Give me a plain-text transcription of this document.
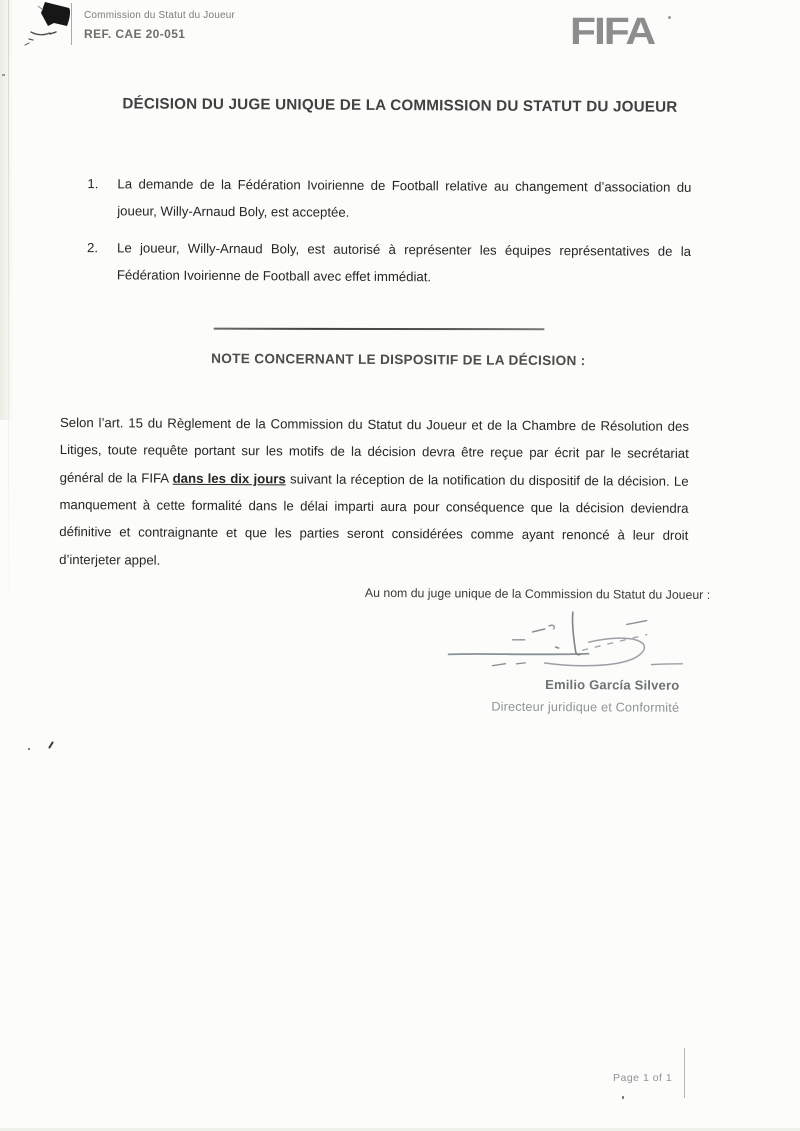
Commission du Statut du Joueur
REF. CAE 20-051	FIFA
DÉCISION DU JUGE UNIQUE DE LA COMMISSION DU STATUT DU JOUEUR
1.	La demande de la Fédération Ivoirienne de Football relative au changement d’association du joueur, Willy-Arnaud Boly, est acceptée.
2.	Le joueur, Willy-Arnaud Boly, est autorisé à représenter les équipes représentatives de la Fédération Ivoirienne de Football avec effet immédiat.
NOTE CONCERNANT LE DISPOSITIF DE LA DÉCISION :

Selon l’art. 15 du Règlement de la Commission du Statut du Joueur et de la Chambre de Résolution des Litiges, toute requête portant sur les motifs de la décision devra être reçue par écrit par le secrétariat général de la FIFA dans les dix jours suivant la réception de la notification du dispositif de la décision. Le manquement à cette formalité dans le délai imparti aura pour conséquence que la décision deviendra définitive et contraignante et que les parties seront considérées comme ayant renoncé à leur droit d’interjeter appel.

Au nom du juge unique de la Commission du Statut du Joueur :
Emilio García Silvero
Directeur juridique et Conformité
Page 1 of 1
